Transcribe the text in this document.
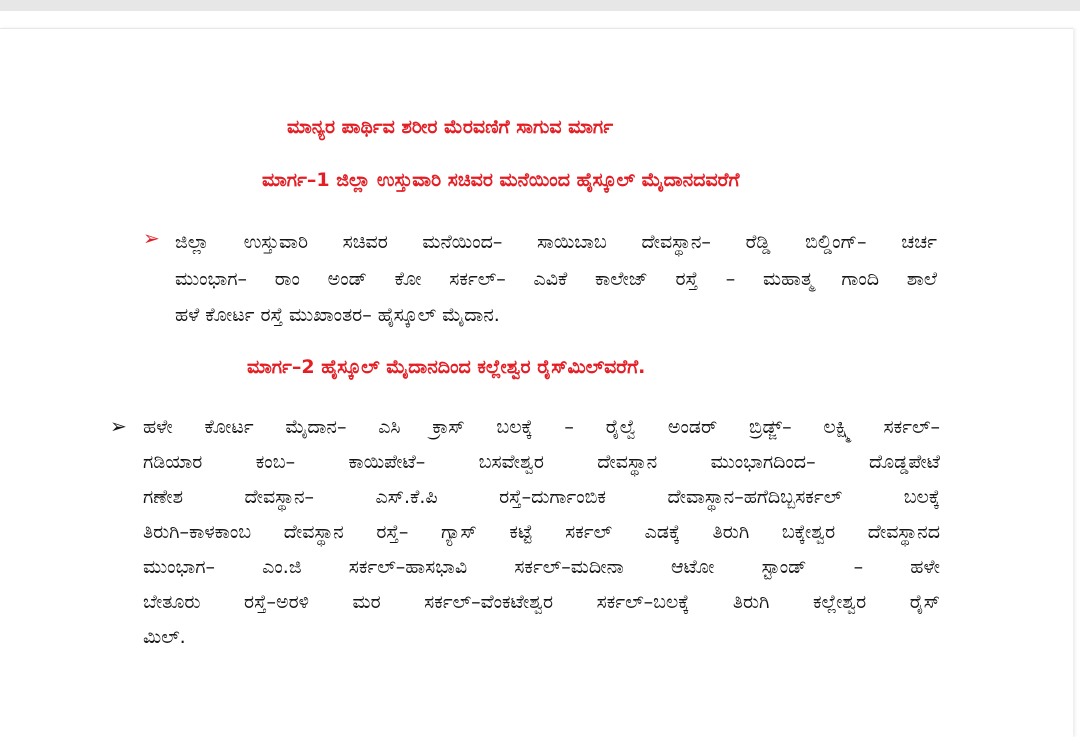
ಮಾನ್ಯರ ಪಾರ್ಥಿವ ಶರೀರ ಮೆರವಣಿಗೆ ಸಾಗುವ ಮಾರ್ಗ
ಮಾರ್ಗ–1 ಜಿಲ್ಲಾ ಉಸ್ತುವಾರಿ ಸಚಿವರ ಮನೆಯಿಂದ ಹೈಸ್ಕೂಲ್ ಮೈದಾನದವರೆಗೆ
➢
ಜಿಲ್ಲಾ ಉಸ್ತುವಾರಿ ಸಚಿವರ ಮನೆಯಿಂದ– ಸಾಯಿಬಾಬ ದೇವಸ್ಥಾನ– ರೆಡ್ಡಿ ಬಿಲ್ಡಿಂಗ್– ಚರ್ಚ
ಮುಂಭಾಗ– ರಾಂ ಅಂಡ್ ಕೋ ಸರ್ಕಲ್– ಎವಿಕೆ ಕಾಲೇಜ್ ರಸ್ತೆ – ಮಹಾತ್ಮ ಗಾಂದಿ ಶಾಲೆ
ಹಳೆ ಕೋರ್ಟ ರಸ್ತೆ ಮುಖಾಂತರ– ಹೈಸ್ಕೂಲ್ ಮೈದಾನ.
ಮಾರ್ಗ–2 ಹೈಸ್ಕೂಲ್ ಮೈದಾನದಿಂದ ಕಲ್ಲೇಶ್ವರ ರೈಸ್‌ಮಿಲ್‌ವರೆಗೆ.
➢
ಹಳೇ ಕೋರ್ಟ ಮೈದಾನ– ಎಸಿ ಕ್ರಾಸ್ ಬಲಕ್ಕೆ – ರೈಲ್ವೆ ಅಂಡರ್ ಬ್ರಿಡ್ಜ್– ಲಕ್ಷ್ಮಿ ಸರ್ಕಲ್–
ಗಡಿಯಾರ ಕಂಬ– ಕಾಯಿಪೇಟೆ– ಬಸವೇಶ್ವರ ದೇವಸ್ಥಾನ ಮುಂಭಾಗದಿಂದ– ದೊಡ್ಡಪೇಟೆ
ಗಣೇಶ ದೇವಸ್ಥಾನ– ಎಸ್.ಕೆ.ಪಿ ರಸ್ತೆ–ದುರ್ಗಾಂಬಿಕ ದೇವಾಸ್ಥಾನ–ಹಗೆದಿಬ್ಬಸರ್ಕಲ್ ಬಲಕ್ಕೆ
ತಿರುಗಿ–ಕಾಳಕಾಂಬ ದೇವಸ್ಥಾನ ರಸ್ತೆ– ಗ್ಯಾಸ್ ಕಟ್ಟೆ ಸರ್ಕಲ್ ಎಡಕ್ಕೆ ತಿರುಗಿ ಬಕ್ಕೇಶ್ವರ ದೇವಸ್ಥಾನದ
ಮುಂಭಾಗ– ಎಂ.ಜಿ ಸರ್ಕಲ್–ಹಾಸಭಾವಿ ಸರ್ಕಲ್–ಮದೀನಾ ಆಟೋ ಸ್ಟಾಂಡ್ – ಹಳೇ
ಬೇತೂರು ರಸ್ತೆ–ಅರಳಿ ಮರ ಸರ್ಕಲ್–ವೆಂಕಟೇಶ್ವರ ಸರ್ಕಲ್–ಬಲಕ್ಕೆ ತಿರುಗಿ ಕಲ್ಲೇಶ್ವರ ರೈಸ್
ಮಿಲ್.
